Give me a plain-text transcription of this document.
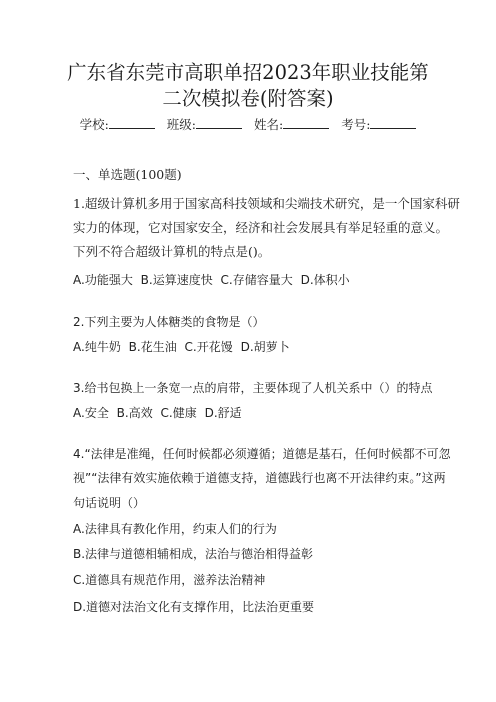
广东省东莞市高职单招2023年职业技能第
二次模拟卷(附答案)
学校:	班级:	姓名:	考号:
一、单选题(100题)
1.超级计算机多用于国家高科技领域和尖端技术研究，是一个国家科研
实力的体现，它对国家安全，经济和社会发展具有举足轻重的意义。
下列不符合超级计算机的特点是()。
A.功能强大 B.运算速度快 C.存储容量大 D.体积小
2.下列主要为人体糖类的食物是（）
A.纯牛奶 B.花生油 C.开花馒 D.胡萝卜
3.给书包换上一条宽一点的肩带，主要体现了人机关系中（）的特点
A.安全 B.高效 C.健康 D.舒适
4.“法律是准绳，任何时候都必须遵循；道德是基石，任何时候都不可忽
视”“法律有效实施依赖于道德支持，道德践行也离不开法律约束。”这两
句话说明（）
A.法律具有教化作用，约束人们的行为
B.法律与道德相辅相成，法治与德治相得益彰
C.道德具有规范作用，滋养法治精神
D.道德对法治文化有支撑作用，比法治更重要
